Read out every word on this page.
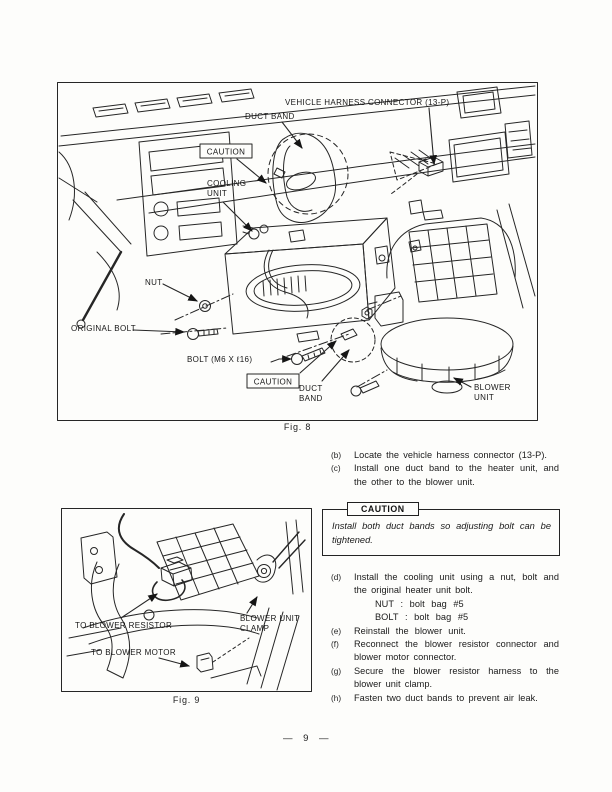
VEHICLE HARNESS CONNECTOR (13-P)
DUCT BAND
CAUTION
COOLING
UNIT
NUT
ORIGINAL BOLT
BOLT (M6 X ℓ16)
CAUTION
DUCT
BAND
BLOWER
UNIT
Fig. 8
TO BLOWER RESISTOR
BLOWER UNIT
CLAMP
TO BLOWER MOTOR
Fig. 9
(b)	Locate the vehicle harness connector (13-P).

(c)	Install one duct band to the heater unit, and the other to the blower unit.

CAUTION

Install both duct bands so adjusting bolt can be tightened.

(d)	Install the cooling unit using a nut, bolt and the original heater unit bolt.

NUT : bolt bag #5
BOLT : bolt bag #5
(e)	Reinstall the blower unit.

(f)	Reconnect the blower resistor connector and blower motor connector.

(g)	Secure the blower resistor harness to the blower unit clamp.

(h)	Fasten two duct bands to prevent air leak.

— 9 —
